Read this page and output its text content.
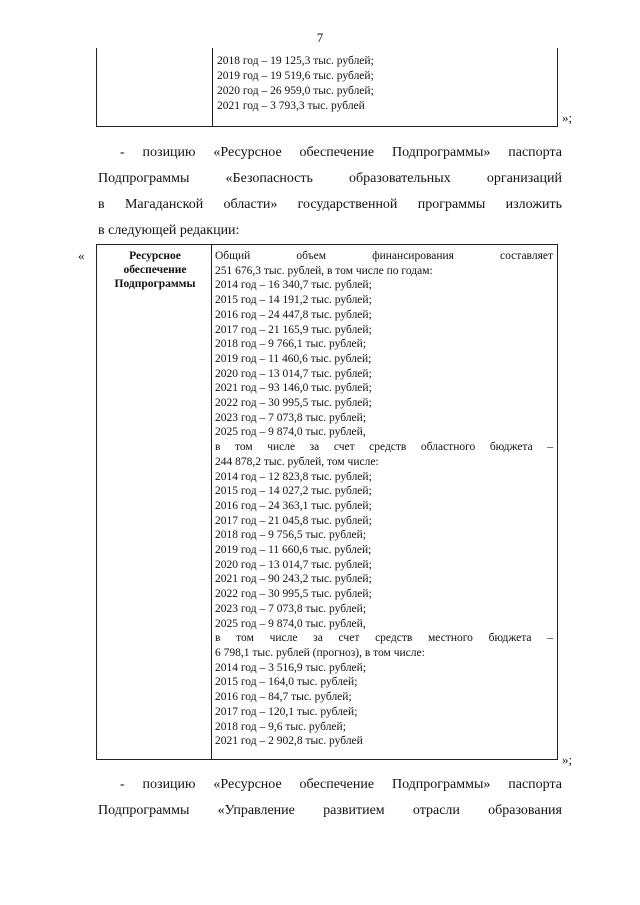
7
2018 год – 19 125,3 тыс. рублей;
2019 год – 19 519,6 тыс. рублей;
2020 год – 26 959,0 тыс. рублей;
2021 год – 3 793,3 тыс. рублей
»;
- позицию «Ресурсное обеспечение Подпрограммы» паспорта
Подпрограммы «Безопасность образовательных организаций
в Магаданской области» государственной программы изложить
в следующей редакции:
«	Ресурсное обеспечение Подпрограммы
Общий объем финансирования составляет
251 676,3 тыс. рублей, в том числе по годам:
2014 год – 16 340,7 тыс. рублей;
2015 год – 14 191,2 тыс. рублей;
2016 год – 24 447,8 тыс. рублей;
2017 год – 21 165,9 тыс. рублей;
2018 год – 9 766,1 тыс. рублей;
2019 год – 11 460,6 тыс. рублей;
2020 год – 13 014,7 тыс. рублей;
2021 год – 93 146,0 тыс. рублей;
2022 год – 30 995,5 тыс. рублей;
2023 год – 7 073,8 тыс. рублей;
2025 год – 9 874,0 тыс. рублей,
в том числе за счет средств областного бюджета –
244 878,2 тыс. рублей, том числе:
2014 год – 12 823,8 тыс. рублей;
2015 год – 14 027,2 тыс. рублей;
2016 год – 24 363,1 тыс. рублей;
2017 год – 21 045,8 тыс. рублей;
2018 год – 9 756,5 тыс. рублей;
2019 год – 11 660,6 тыс. рублей;
2020 год – 13 014,7 тыс. рублей;
2021 год – 90 243,2 тыс. рублей;
2022 год – 30 995,5 тыс. рублей;
2023 год – 7 073,8 тыс. рублей;
2025 год – 9 874,0 тыс. рублей,
в том числе за счет средств местного бюджета –
6 798,1 тыс. рублей (прогноз), в том числе:
2014 год – 3 516,9 тыс. рублей;
2015 год – 164,0 тыс. рублей;
2016 год – 84,7 тыс. рублей;
2017 год – 120,1 тыс. рублей;
2018 год – 9,6 тыс. рублей;
2021 год – 2 902,8 тыс. рублей
»;
- позицию «Ресурсное обеспечение Подпрограммы» паспорта
Подпрограммы «Управление развитием отрасли образования
